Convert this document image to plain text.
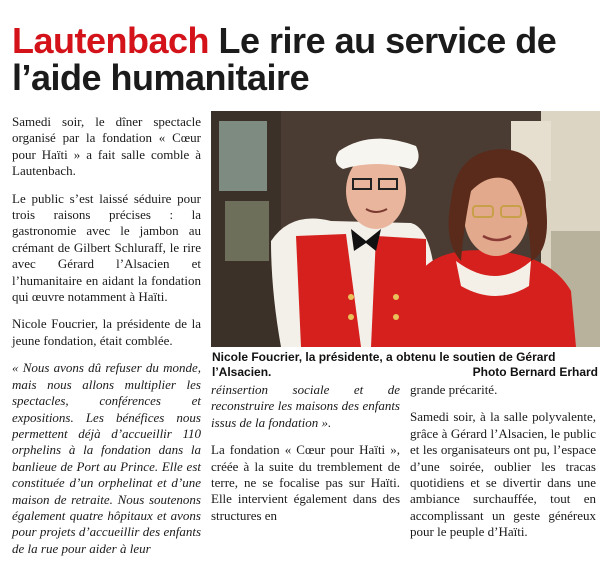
Lautenbach Le rire au service de l’aide humanitaire

Samedi soir, le dîner spectacle organisé par la fondation « Cœur pour Haïti » a fait salle comble à Lautenbach.

Le public s’est laissé séduire pour trois raisons précises : la gastronomie avec le jambon au crémant de Gilbert Schluraff, le rire avec Gérard l’Alsacien et l’humanitaire en aidant la fondation qui œuvre notamment à Haïti.

Nicole Foucrier, la présidente de la jeune fondation, était comblée.

« Nous avons dû refuser du monde, mais nous allons multiplier les spectacles, conférences et expositions. Les bénéfices nous permettent déjà d’accueillir 110 orphelins à la fondation dans la banlieue de Port au Prince. Elle est constituée d’un orphelinat et d’une maison de retraite. Nous soutenons également quatre hôpitaux et avons pour projets d’accueillir des enfants de la rue pour aider à leur

Nicole Foucrier, la présidente, a obtenu le soutien de Gérard l’Alsacien.	Photo Bernard Erhard

réinsertion sociale et de reconstruire les maisons des enfants issus de la fondation ».

La fondation « Cœur pour Haïti », créée à la suite du tremblement de terre, ne se focalise pas sur Haïti. Elle intervient également dans des structures en

grande précarité.

Samedi soir, à la salle polyvalente, grâce à Gérard l’Alsacien, le public et les organisateurs ont pu, l’espace d’une soirée, oublier les tracas quotidiens et se divertir dans une ambiance surchauffée, tout en accomplissant un geste généreux pour le peuple d’Haïti.
